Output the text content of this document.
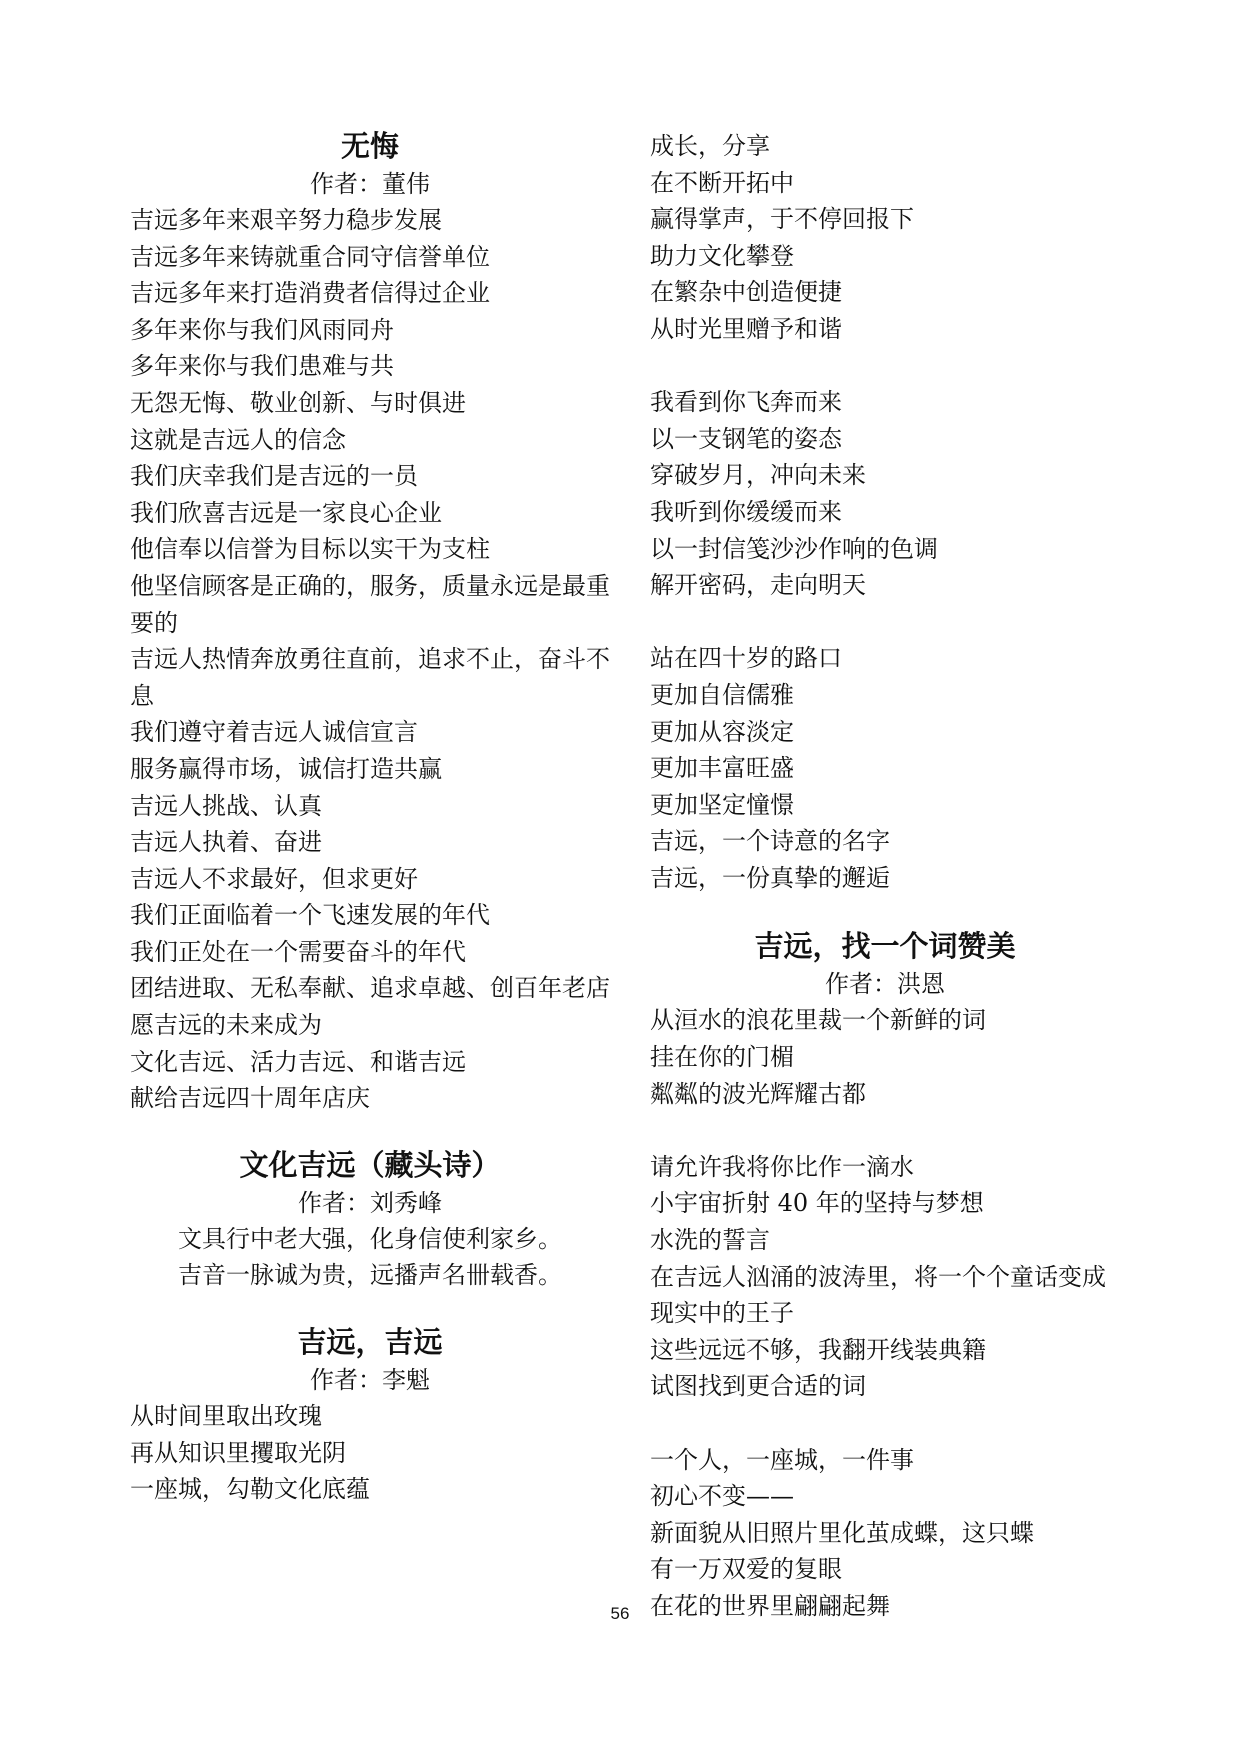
无悔
作者：董伟
吉远多年来艰辛努力稳步发展
吉远多年来铸就重合同守信誉单位
吉远多年来打造消费者信得过企业
多年来你与我们风雨同舟
多年来你与我们患难与共
无怨无悔、敬业创新、与时俱进
这就是吉远人的信念
我们庆幸我们是吉远的一员
我们欣喜吉远是一家良心企业
他信奉以信誉为目标以实干为支柱
他坚信顾客是正确的，服务，质量永远是最重要的
吉远人热情奔放勇往直前，追求不止，奋斗不息
我们遵守着吉远人诚信宣言
服务赢得市场，诚信打造共赢
吉远人挑战、认真
吉远人执着、奋进
吉远人不求最好，但求更好
我们正面临着一个飞速发展的年代
我们正处在一个需要奋斗的年代
团结进取、无私奉献、追求卓越、创百年老店
愿吉远的未来成为
文化吉远、活力吉远、和谐吉远
献给吉远四十周年店庆
文化吉远（藏头诗）
作者：刘秀峰
文具行中老大强，化身信使利家乡。
吉音一脉诚为贵，远播声名卌载香。
吉远，吉远
作者：李魁
从时间里取出玫瑰
再从知识里攫取光阴
一座城，勾勒文化底蕴
成长，分享
在不断开拓中
赢得掌声，于不停回报下
助力文化攀登
在繁杂中创造便捷
从时光里赠予和谐
我看到你飞奔而来
以一支钢笔的姿态
穿破岁月，冲向未来
我听到你缓缓而来
以一封信笺沙沙作响的色调
解开密码，走向明天
站在四十岁的路口
更加自信儒雅
更加从容淡定
更加丰富旺盛
更加坚定憧憬
吉远，一个诗意的名字
吉远，一份真挚的邂逅
吉远，找一个词赞美
作者：洪恩
从洹水的浪花里裁一个新鲜的词
挂在你的门楣
粼粼的波光辉耀古都
请允许我将你比作一滴水
小宇宙折射 40 年的坚持与梦想
水洗的誓言
在吉远人汹涌的波涛里，将一个个童话变成现实中的王子
这些远远不够，我翻开线装典籍
试图找到更合适的词
一个人，一座城，一件事
初心不变——
新面貌从旧照片里化茧成蝶，这只蝶
有一万双爱的复眼
在花的世界里翩翩起舞
56
